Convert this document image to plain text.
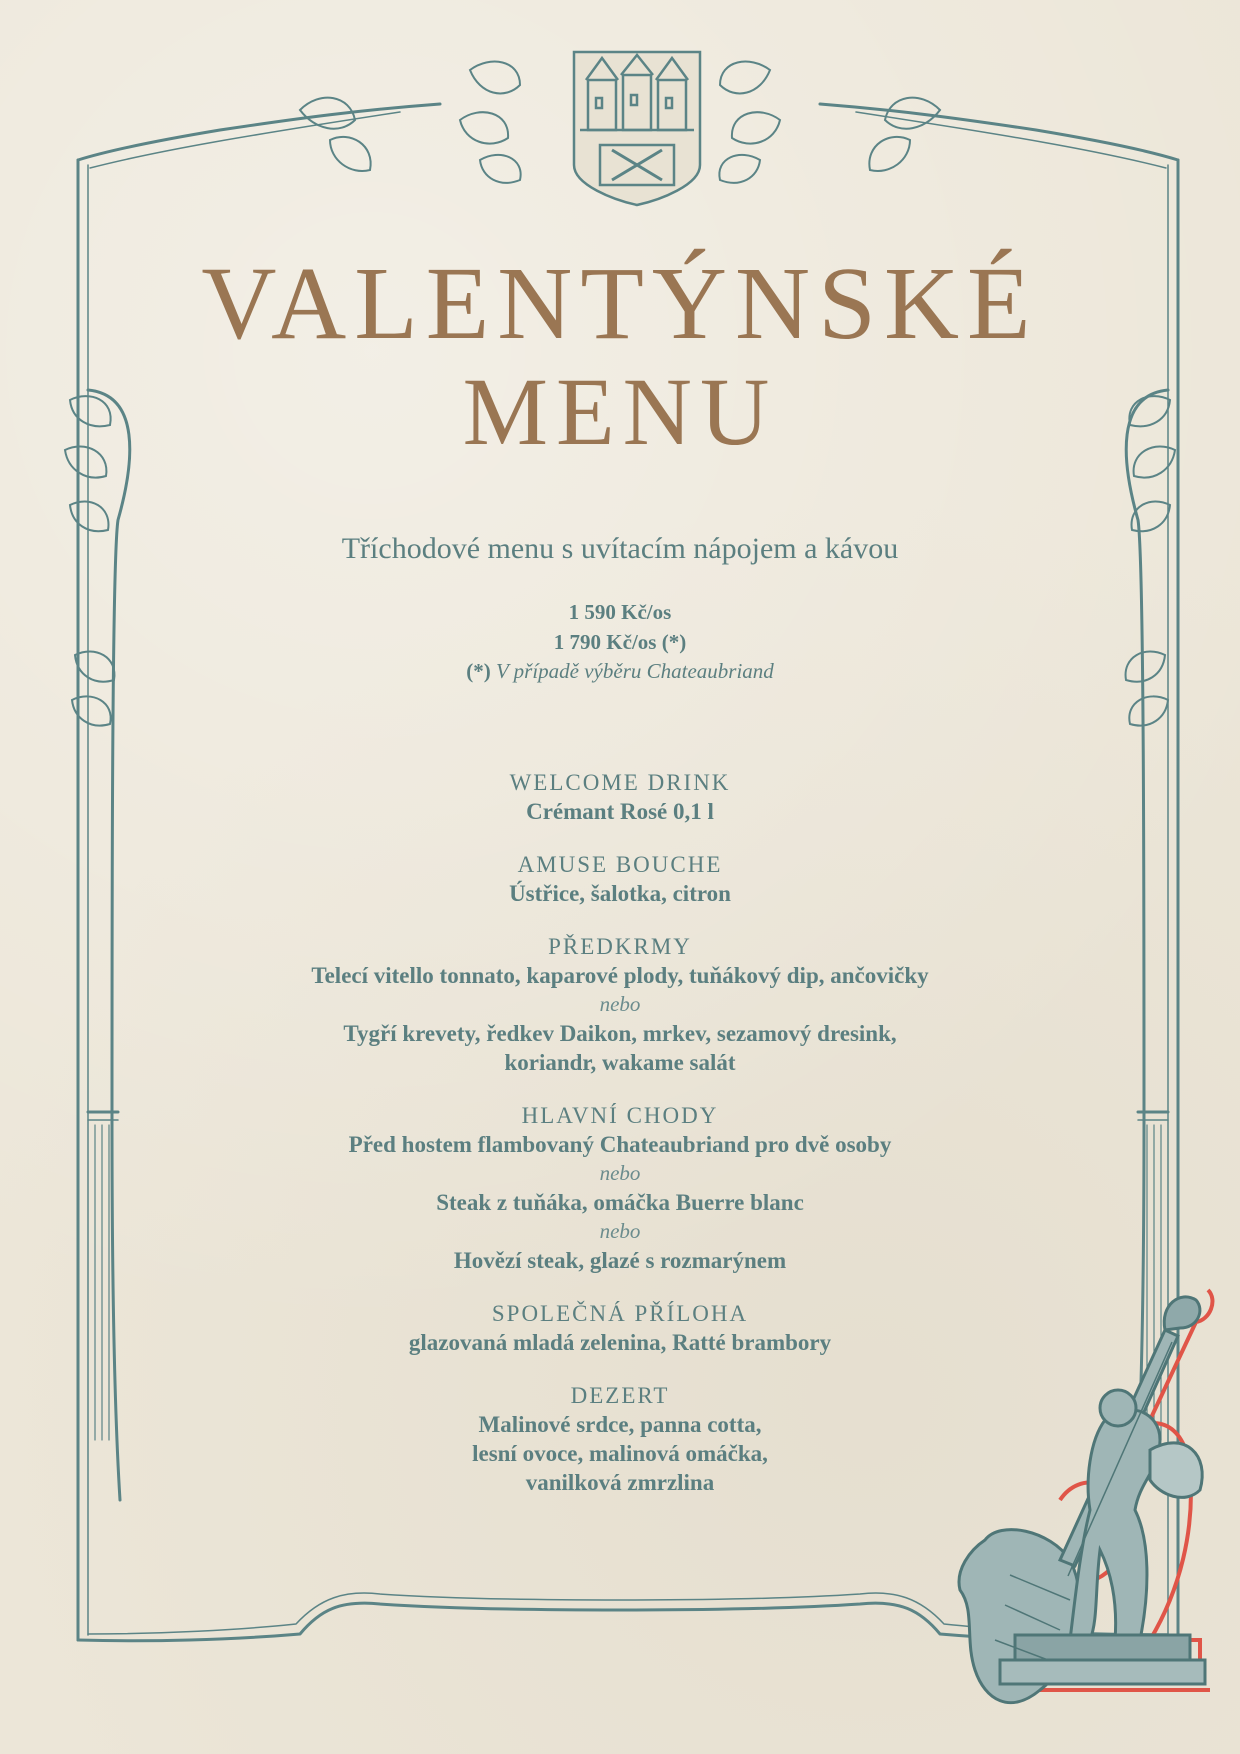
VALENTÝNSKÉ
MENU
Tříchodové menu s uvítacím nápojem a kávou
1 590 Kč/os
1 790 Kč/os (*)
(*) V případě výběru Chateaubriand
WELCOME DRINK
Crémant Rosé 0,1 l
AMUSE BOUCHE
Ústřice, šalotka, citron
PŘEDKRMY
Telecí vitello tonnato, kaparové plody, tuňákový dip, ančovičky
nebo
Tygří krevety, ředkev Daikon, mrkev, sezamový dresink,
koriandr, wakame salát
HLAVNÍ CHODY
Před hostem flambovaný Chateaubriand pro dvě osoby
nebo
Steak z tuňáka, omáčka Buerre blanc
nebo
Hovězí steak, glazé s rozmarýnem
SPOLEČNÁ PŘÍLOHA
glazovaná mladá zelenina, Ratté brambory
DEZERT
Malinové srdce, panna cotta,
lesní ovoce, malinová omáčka,
vanilková zmrzlina
